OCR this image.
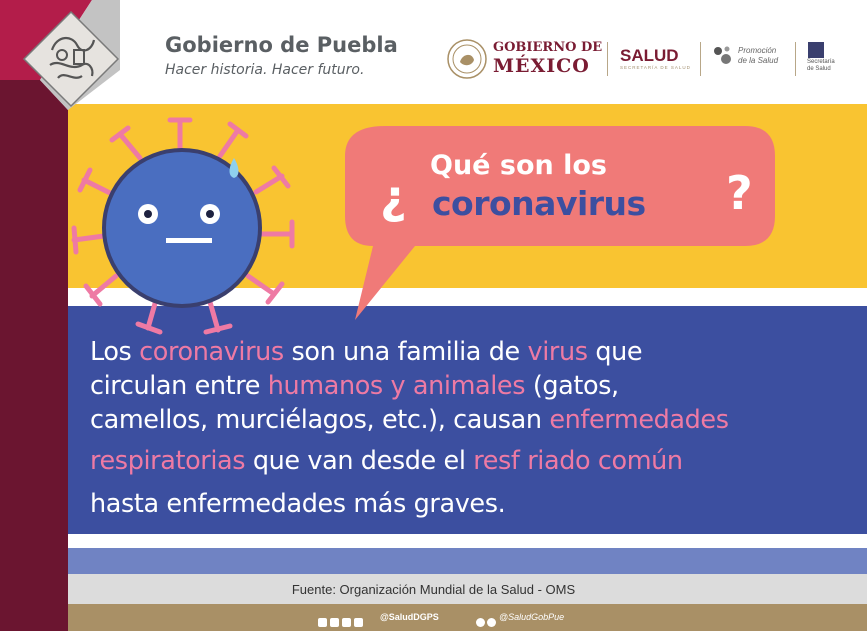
Gobierno de Puebla
Hacer historia. Hacer futuro.
GOBIERNO DE
MÉXICO SALUD
SECRETARÍA DE SALUD
Promoción
de la Salud	Secretaría
de Salud
¿
Qué son los
coronavirus ?
Los coronavirus son una familia de virus que
circulan entre humanos y animales (gatos,
camellos, murciélagos, etc.), causan enfermedades
respiratorias que van desde el resf riado común
hasta enfermedades más graves.
Fuente: Organización Mundial de la Salud - OMS
@SaludDGPS	@SaludGobPue
